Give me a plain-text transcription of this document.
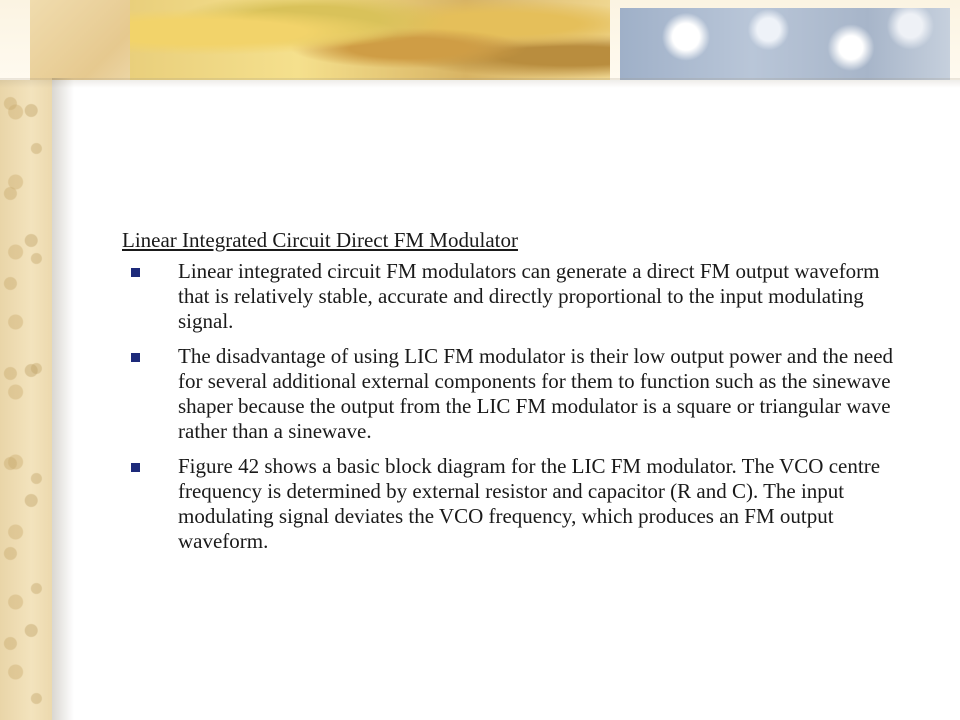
Linear Integrated Circuit Direct FM Modulator
Linear integrated circuit FM modulators can generate a direct FM output waveform that is relatively stable, accurate and directly proportional to the input modulating signal.
The disadvantage of using LIC FM modulator is their low output power and the need for several additional external components for them to function such as the sinewave shaper because the output from the LIC FM modulator is a square or triangular wave rather than a sinewave.
Figure 42 shows a basic block diagram for the LIC FM modulator. The VCO centre frequency is determined by external resistor and capacitor (R and C). The input modulating signal deviates the VCO frequency, which produces an FM output waveform.
